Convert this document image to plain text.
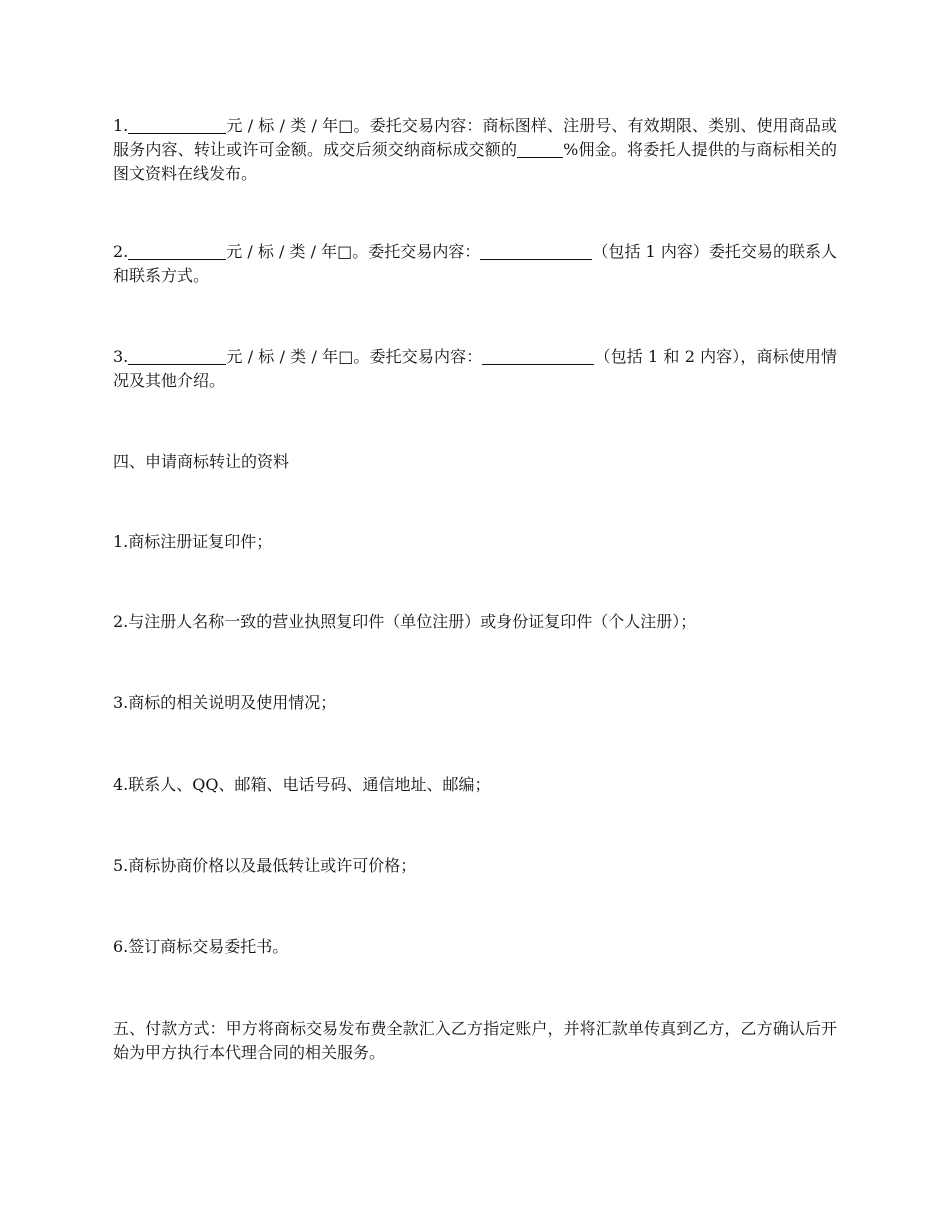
1.	元 / 标 / 类 / 年□。委托交易内容：商标图样、注册号、有效期限、类别、使用商品或服务内容、转让或许可金额。成交后须交纳商标成交额的	%佣金。将委托人提供的与商标相关的图文资料在线发布。

2.	元 / 标 / 类 / 年□。委托交易内容：	（包括 1 内容）委托交易的联系人和联系方式。

3.	元 / 标 / 类 / 年□。委托交易内容：	（包括 1 和 2 内容），商标使用情况及其他介绍。

四、申请商标转让的资料

1.商标注册证复印件；

2.与注册人名称一致的营业执照复印件（单位注册）或身份证复印件（个人注册）；

3.商标的相关说明及使用情况；

4.联系人、QQ、邮箱、电话号码、通信地址、邮编；

5.商标协商价格以及最低转让或许可价格；

6.签订商标交易委托书。

五、付款方式：甲方将商标交易发布费全款汇入乙方指定账户，并将汇款单传真到乙方，乙方确认后开始为甲方执行本代理合同的相关服务。
